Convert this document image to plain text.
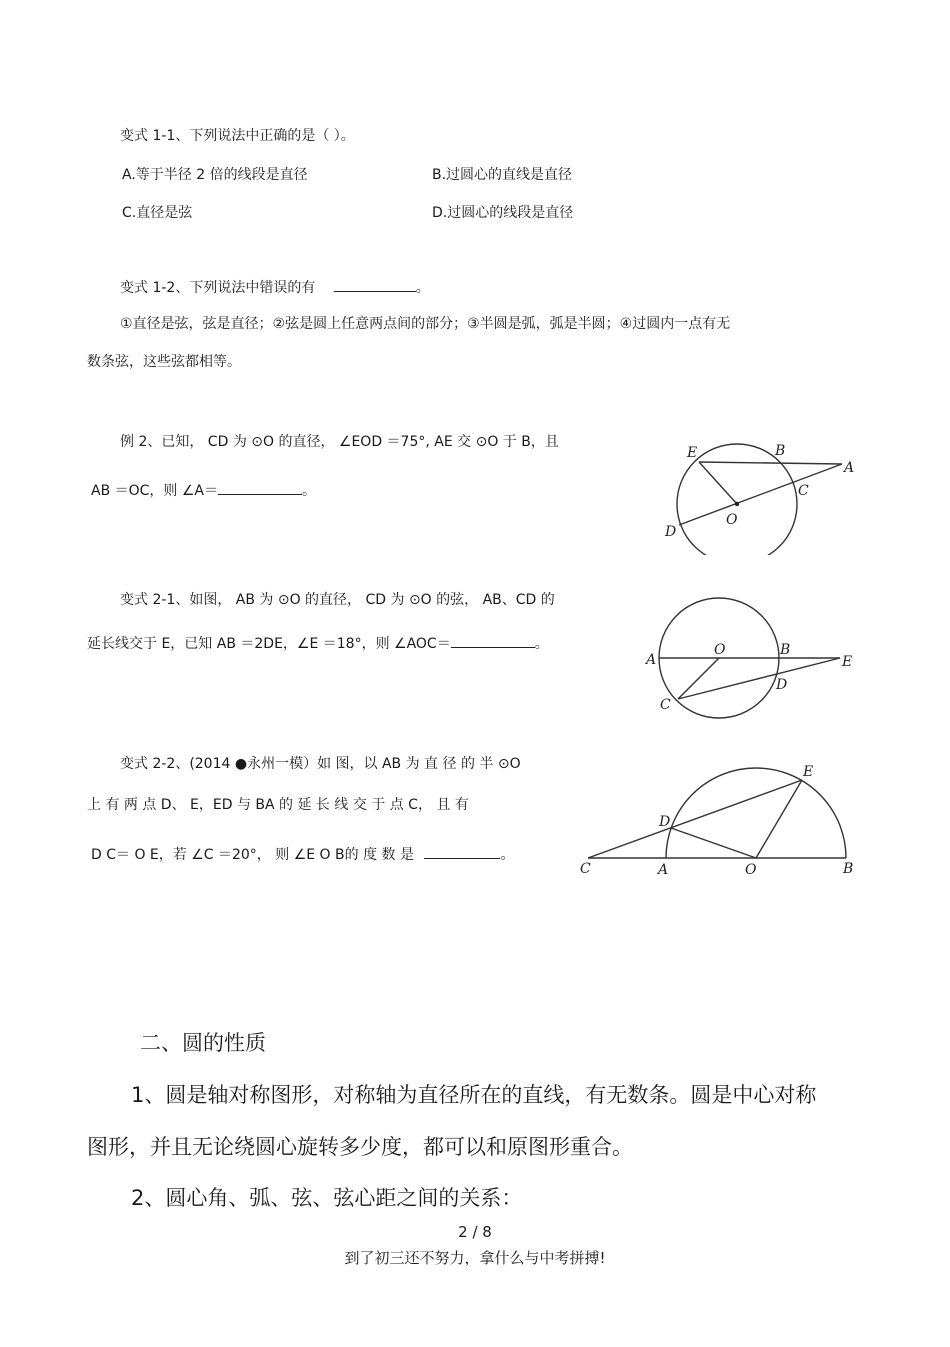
变式 1-1、下列说法中正确的是（ ）。
A.等于半径 2 倍的线段是直径	B.过圆心的直线是直径
C.直径是弦	D.过圆心的线段是直径
变式 1-2、下列说法中错误的有	。
①直径是弦，弦是直径；②弦是圆上任意两点间的部分；③半圆是弧，弧是半圆；④过圆内一点有无
数条弦，这些弦都相等。
例 2、已知， CD 为 ⊙O 的直径， ∠EOD ＝75°, AE 交 ⊙O 于 B，且
AB ＝OC，则 ∠A＝	。
E	B
A
C
O
D
变式 2-1、如图， AB 为 ⊙O 的直径， CD 为 ⊙O 的弦， AB、CD 的
延长线交于 E，已知 AB ＝2DE，∠E ＝18°，则 ∠AOC＝	。
A
O	B
E
D
C
变式 2-2、(2014 ●永州一模）如 图，以 AB 为 直 径 的 半 ⊙O
上 有 两 点 D、 E，ED 与 BA 的 延 长 线 交 于 点 C， 且 有
D C＝ O E，若 ∠C ＝20°， 则 ∠E O B的 度 数 是	。
E
D
C	A	O	B
二、圆的性质
1、圆是轴对称图形，对称轴为直径所在的直线，有无数条。圆是中心对称
图形，并且无论绕圆心旋转多少度，都可以和原图形重合。
2、圆心角、弧、弦、弦心距之间的关系：
2 / 8
到了初三还不努力，拿什么与中考拼搏!
